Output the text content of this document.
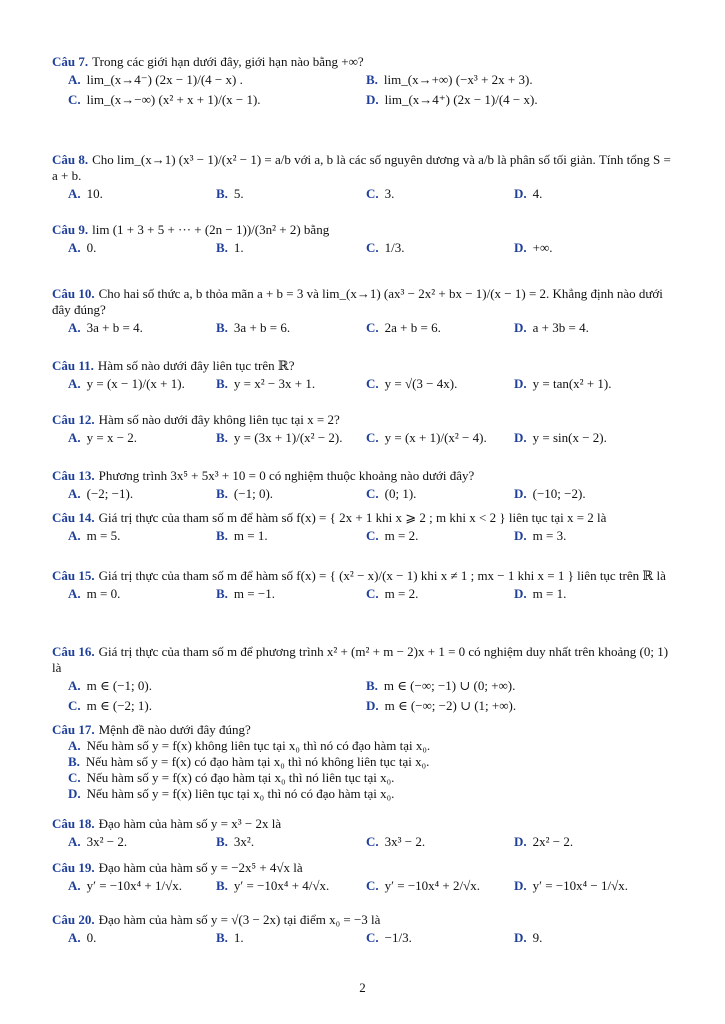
Câu 7. Trong các giới hạn dưới đây, giới hạn nào bằng +∞?
A. lim_(x→4⁻) (2x − 1)/(4 − x) .	B. lim_(x→+∞) (−x³ + 2x + 3).
C. lim_(x→−∞) (x² + x + 1)/(x − 1).	D. lim_(x→4⁺) (2x − 1)/(4 − x).
Câu 8. Cho lim_(x→1) (x³ − 1)/(x² − 1) = a/b với a, b là các số nguyên dương và a/b là phân số tối giản. Tính tổng S = a + b.
A. 10.	B. 5.	C. 3.	D. 4.
Câu 9. lim (1 + 3 + 5 + ··· + (2n − 1))/(3n² + 2) bằng
A. 0.	B. 1.	C. 1/3.	D. +∞.
Câu 10. Cho hai số thức a, b thỏa mãn a + b = 3 và lim_(x→1) (ax³ − 2x² + bx − 1)/(x − 1) = 2. Khẳng định nào dưới đây đúng?
A. 3a + b = 4.	B. 3a + b = 6.	C. 2a + b = 6.	D. a + 3b = 4.
Câu 11. Hàm số nào dưới đây liên tục trên ℝ?
A. y = (x − 1)/(x + 1). B. y = x² − 3x + 1.	C. y = √(3 − 4x).	D. y = tan(x² + 1).
Câu 12. Hàm số nào dưới đây không liên tục tại x = 2?
A. y = x − 2.	B. y = (3x + 1)/(x² − 2). C. y = (x + 1)/(x² − 4). D. y = sin(x − 2).
Câu 13. Phương trình 3x⁵ + 5x³ + 10 = 0 có nghiệm thuộc khoảng nào dưới đây?
A. (−2; −1).	B. (−1; 0).	C. (0; 1).	D. (−10; −2).
Câu 14. Giá trị thực của tham số m để hàm số f(x) = { 2x + 1 khi x ⩾ 2 ; m khi x < 2 } liên tục tại x = 2 là
A. m = 5.	B. m = 1.	C. m = 2.	D. m = 3.
Câu 15. Giá trị thực của tham số m để hàm số f(x) = { (x² − x)/(x − 1) khi x ≠ 1 ; mx − 1 khi x = 1 } liên tục trên ℝ là
A. m = 0.	B. m = −1.	C. m = 2.	D. m = 1.
Câu 16. Giá trị thực của tham số m để phương trình x² + (m² + m − 2)x + 1 = 0 có nghiệm duy nhất trên khoảng (0; 1) là
A. m ∈ (−1; 0).	B. m ∈ (−∞; −1) ∪ (0; +∞).
C. m ∈ (−2; 1).	D. m ∈ (−∞; −2) ∪ (1; +∞).
Câu 17. Mệnh đề nào dưới đây đúng?
A. Nếu hàm số y = f(x) không liên tục tại x₀ thì nó có đạo hàm tại x₀.
B. Nếu hàm số y = f(x) có đạo hàm tại x₀ thì nó không liên tục tại x₀.
C. Nếu hàm số y = f(x) có đạo hàm tại x₀ thì nó liên tục tại x₀.
D. Nếu hàm số y = f(x) liên tục tại x₀ thì nó có đạo hàm tại x₀.
Câu 18. Đạo hàm của hàm số y = x³ − 2x là
A. 3x² − 2.	B. 3x².	C. 3x³ − 2.	D. 2x² − 2.
Câu 19. Đạo hàm của hàm số y = −2x⁵ + 4√x là
A. y′ = −10x⁴ + 1/√x.	B. y′ = −10x⁴ + 4/√x.	C. y′ = −10x⁴ + 2/√x.	D. y′ = −10x⁴ − 1/√x.
Câu 20. Đạo hàm của hàm số y = √(3 − 2x) tại điểm x₀ = −3 là
A. 0.	B. 1.	C. −1/3.	D. 9.
2
